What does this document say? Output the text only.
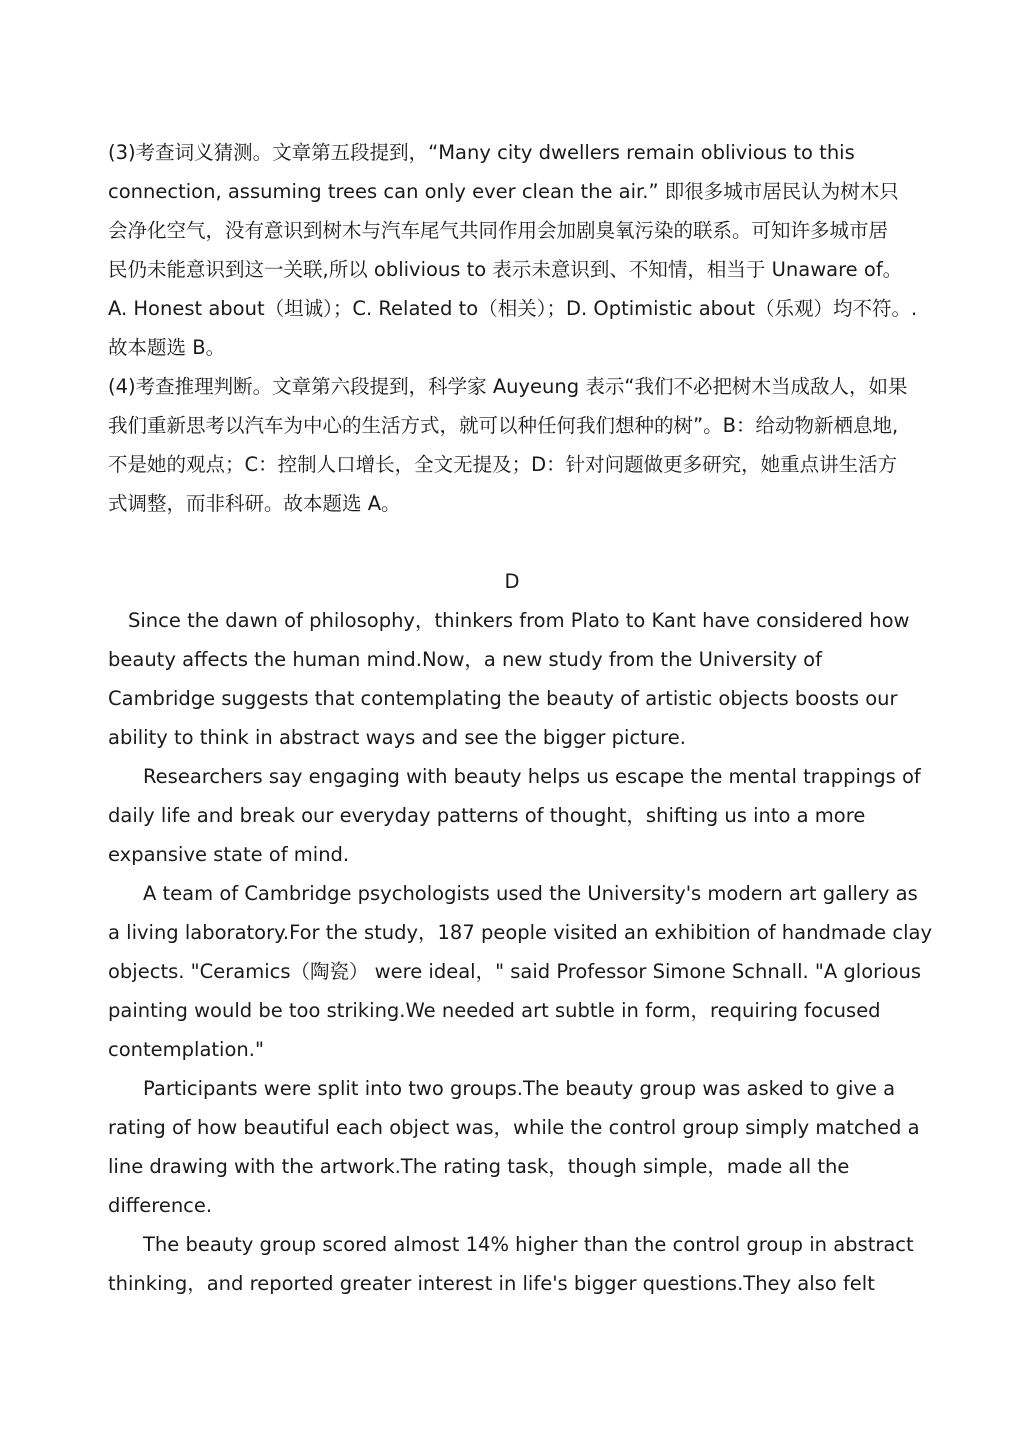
(3)考查词义猜测。文章第五段提到，“Many city dwellers remain oblivious to this
connection, assuming trees can only ever clean the air.” 即很多城市居民认为树木只
会净化空气，没有意识到树木与汽车尾气共同作用会加剧臭氧污染的联系。可知许多城市居
民仍未能意识到这一关联,所以 oblivious to 表示未意识到、不知情，相当于 Unaware of。
A. Honest about（坦诚）；C. Related to（相关）；D. Optimistic about（乐观）均不符。.
故本题选 B。
(4)考查推理判断。文章第六段提到，科学家 Auyeung 表示“我们不必把树木当成敌人，如果
我们重新思考以汽车为中心的生活方式，就可以种任何我们想种的树”。B：给动物新栖息地,
不是她的观点；C：控制人口增长，全文无提及；D：针对问题做更多研究，她重点讲生活方
式调整，而非科研。故本题选 A。
D
Since the dawn of philosophy，thinkers from Plato to Kant have considered how
beauty affects the human mind.Now，a new study from the University of
Cambridge suggests that contemplating the beauty of artistic objects boosts our
ability to think in abstract ways and see the bigger picture.
Researchers say engaging with beauty helps us escape the mental trappings of
daily life and break our everyday patterns of thought，shifting us into a more
expansive state of mind.
A team of Cambridge psychologists used the University's modern art gallery as
a living laboratory.For the study，187 people visited an exhibition of handmade clay
objects. "Ceramics（陶瓷） were ideal，" said Professor Simone Schnall. "A glorious
painting would be too striking.We needed art subtle in form，requiring focused
contemplation."
Participants were split into two groups.The beauty group was asked to give a
rating of how beautiful each object was，while the control group simply matched a
line drawing with the artwork.The rating task，though simple，made all the
difference.
The beauty group scored almost 14% higher than the control group in abstract
thinking，and reported greater interest in life's bigger questions.They also felt
